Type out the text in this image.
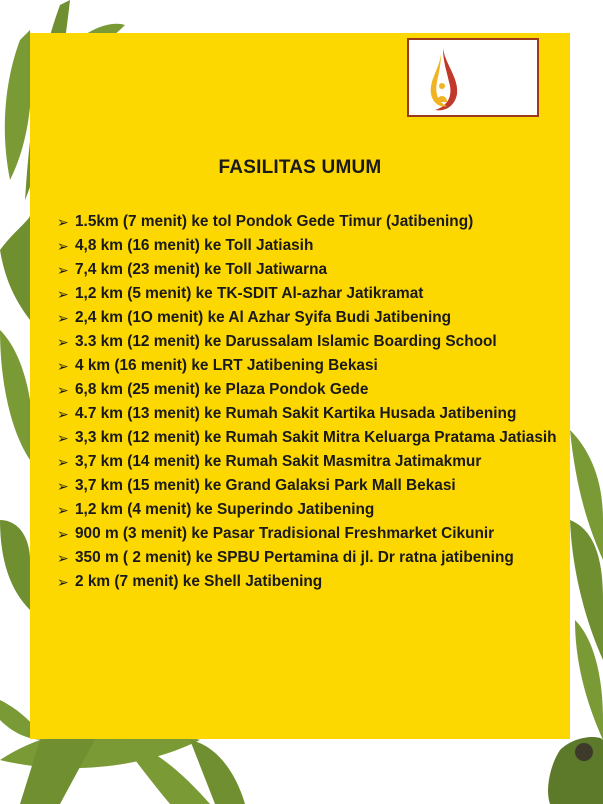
FASILITAS UMUM
➢ 1.5km (7 menit) ke tol Pondok Gede Timur (Jatibening)
➢ 4,8 km (16 menit) ke Toll Jatiasih
➢ 7,4 km (23 menit) ke Toll Jatiwarna
➢ 1,2 km (5 menit) ke TK-SDIT Al-azhar Jatikramat
➢ 2,4 km (1O menit) ke Al Azhar Syifa Budi Jatibening
➢ 3.3 km (12 menit) ke Darussalam Islamic Boarding School
➢ 4 km (16 menit) ke LRT Jatibening Bekasi
➢ 6,8 km (25 menit) ke Plaza Pondok Gede
➢ 4.7 km (13 menit) ke Rumah Sakit Kartika Husada Jatibening
➢ 3,3 km (12 menit) ke Rumah Sakit Mitra Keluarga Pratama Jatiasih
➢ 3,7 km (14 menit) ke Rumah Sakit Masmitra Jatimakmur
➢ 3,7 km (15 menit) ke Grand Galaksi Park Mall Bekasi
➢ 1,2 km (4 menit) ke Superindo Jatibening
➢ 900 m (3 menit) ke Pasar Tradisional Freshmarket Cikunir
➢ 350 m ( 2 menit) ke SPBU Pertamina di jl. Dr ratna jatibening
➢ 2 km (7 menit) ke Shell Jatibening
